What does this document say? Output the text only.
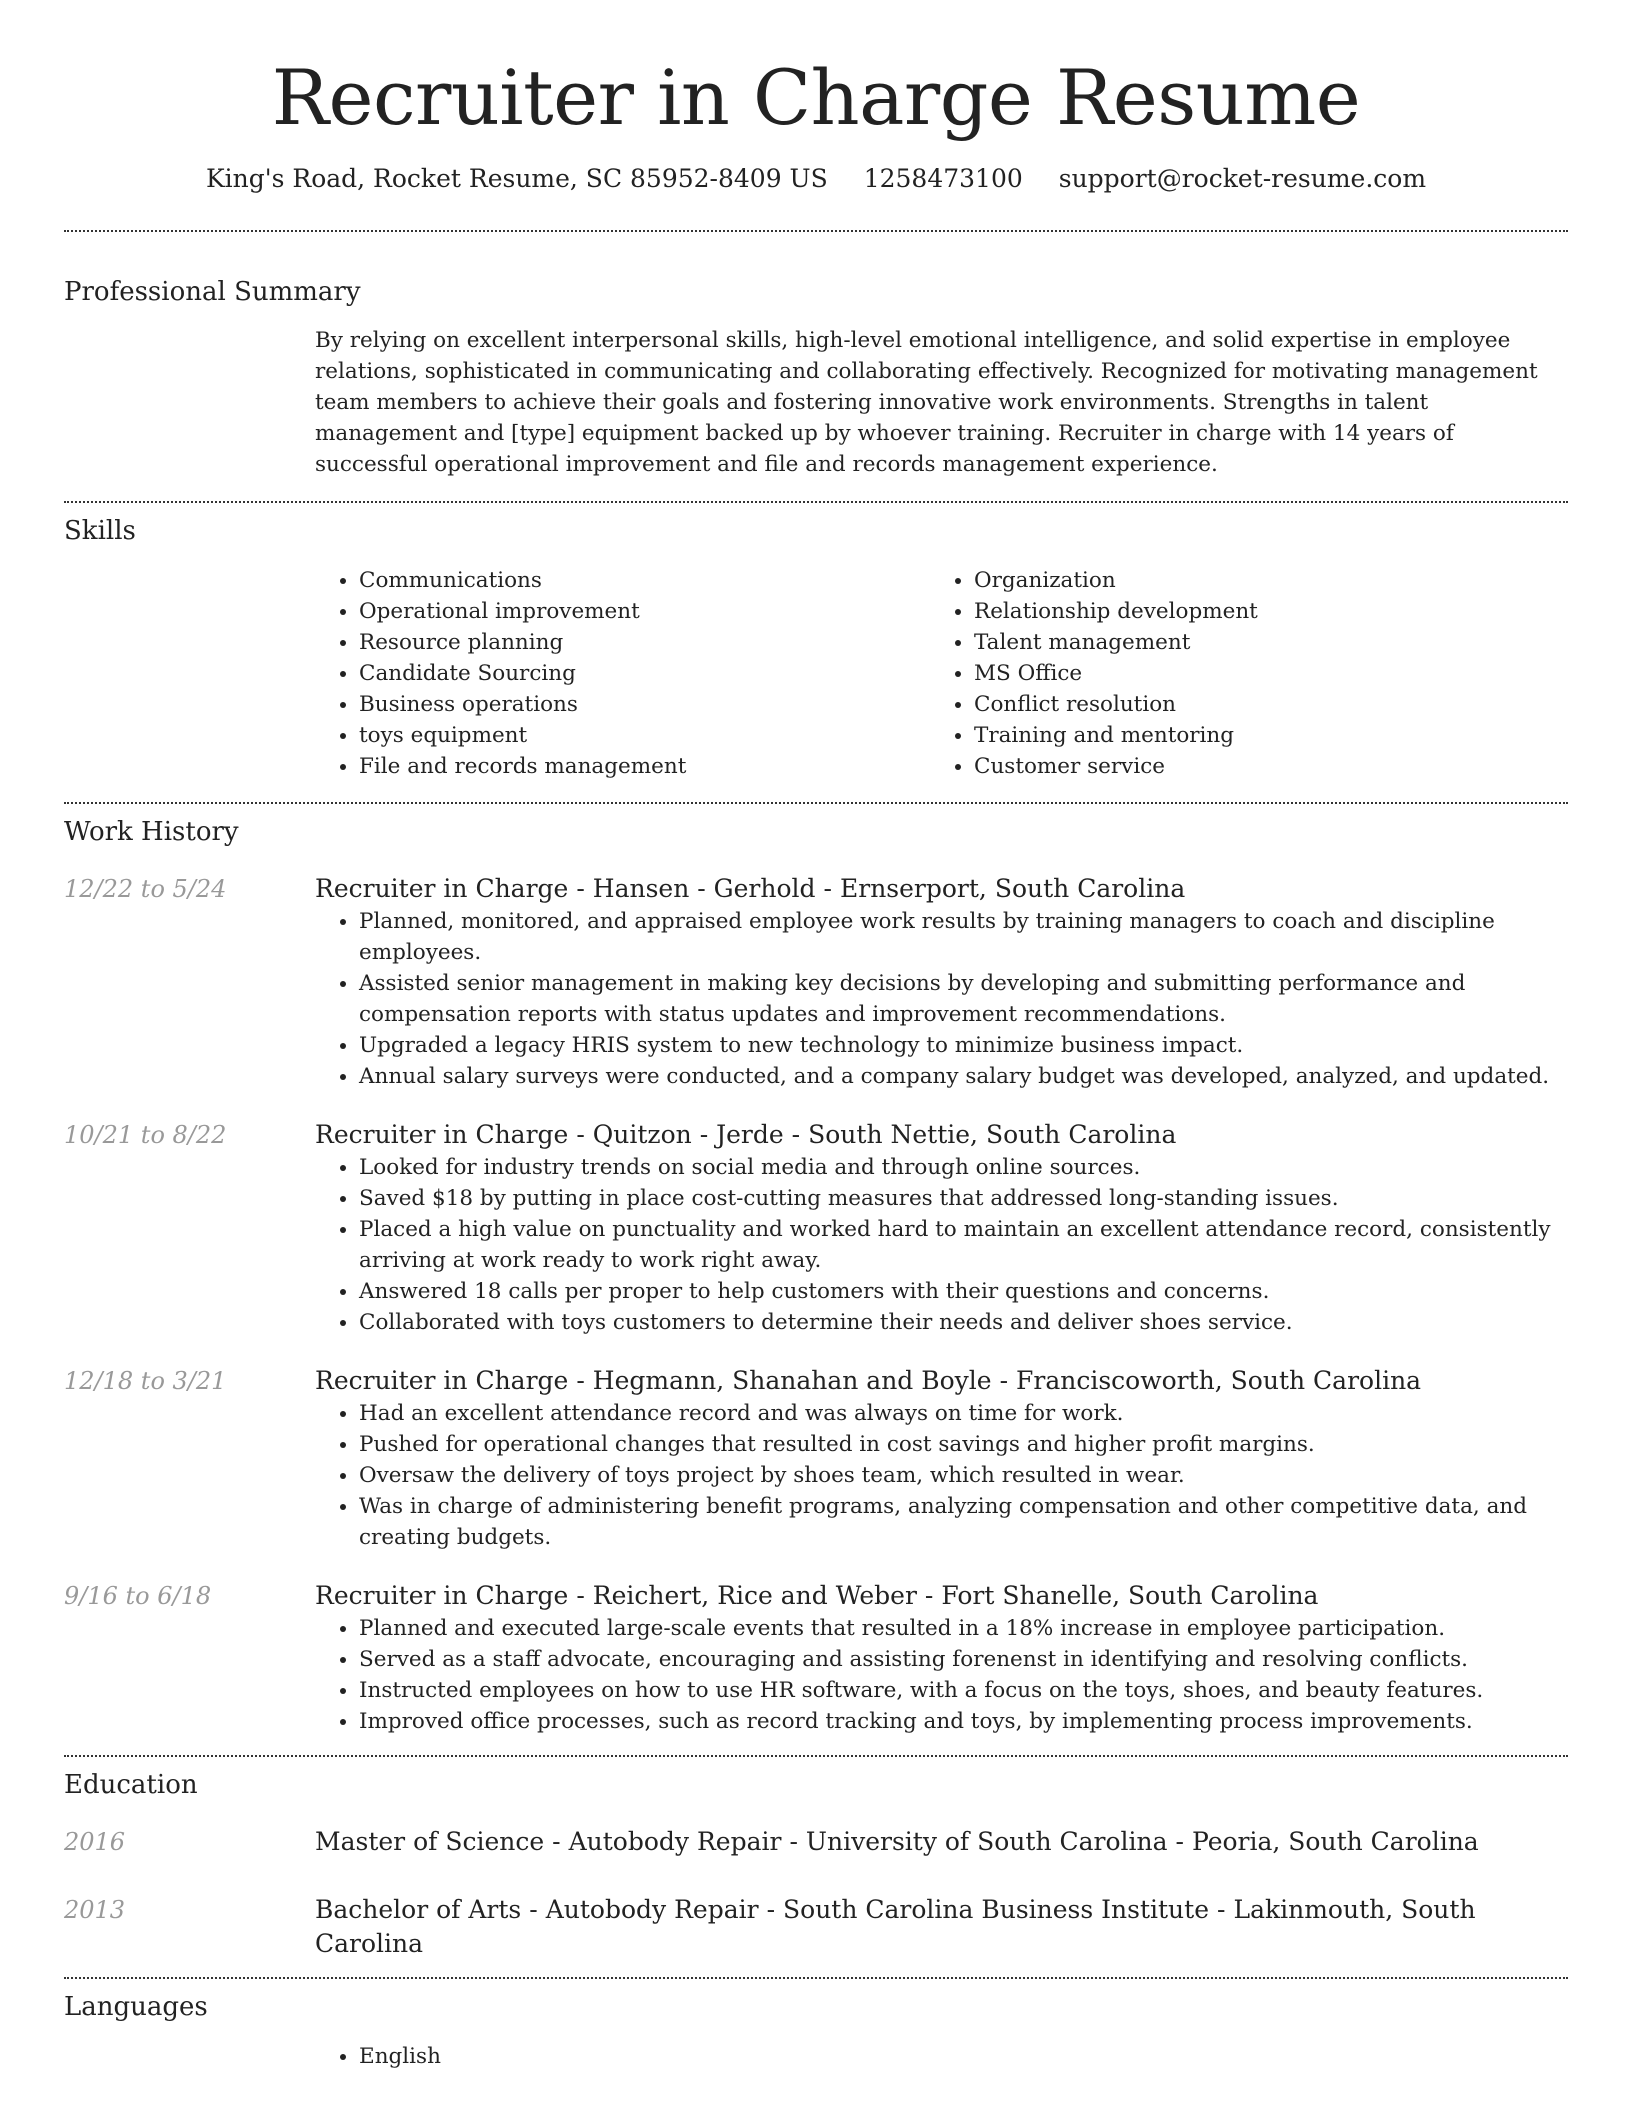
Recruiter in Charge Resume
King's Road, Rocket Resume, SC 85952-8409 US 1258473100 support@rocket-resume.com
Professional Summary
By relying on excellent interpersonal skills, high-level emotional intelligence, and solid expertise in employee relations, sophisticated in communicating and collaborating effectively. Recognized for motivating management team members to achieve their goals and fostering innovative work environments. Strengths in talent management and [type] equipment backed up by whoever training. Recruiter in charge with 14 years of successful operational improvement and file and records management experience.
Skills
• Communications
• Operational improvement
• Resource planning
• Candidate Sourcing
• Business operations
• toys equipment
• File and records management
• Organization
• Relationship development
• Talent management
• MS Office
• Conflict resolution
• Training and mentoring
• Customer service
Work History
12/22 to 5/24	Recruiter in Charge - Hansen - Gerhold - Ernserport, South Carolina
• Planned, monitored, and appraised employee work results by training managers to coach and discipline employees.
• Assisted senior management in making key decisions by developing and submitting performance and compensation reports with status updates and improvement recommendations.
• Upgraded a legacy HRIS system to new technology to minimize business impact.
• Annual salary surveys were conducted, and a company salary budget was developed, analyzed, and updated.
10/21 to 8/22	Recruiter in Charge - Quitzon - Jerde - South Nettie, South Carolina
• Looked for industry trends on social media and through online sources.
• Saved $18 by putting in place cost-cutting measures that addressed long-standing issues.
• Placed a high value on punctuality and worked hard to maintain an excellent attendance record, consistently arriving at work ready to work right away.
• Answered 18 calls per proper to help customers with their questions and concerns.
• Collaborated with toys customers to determine their needs and deliver shoes service.
12/18 to 3/21	Recruiter in Charge - Hegmann, Shanahan and Boyle - Franciscoworth, South Carolina
• Had an excellent attendance record and was always on time for work.
• Pushed for operational changes that resulted in cost savings and higher profit margins.
• Oversaw the delivery of toys project by shoes team, which resulted in wear.
• Was in charge of administering benefit programs, analyzing compensation and other competitive data, and creating budgets.
9/16 to 6/18	Recruiter in Charge - Reichert, Rice and Weber - Fort Shanelle, South Carolina
• Planned and executed large-scale events that resulted in a 18% increase in employee participation.
• Served as a staff advocate, encouraging and assisting forenenst in identifying and resolving conflicts.
• Instructed employees on how to use HR software, with a focus on the toys, shoes, and beauty features.
• Improved office processes, such as record tracking and toys, by implementing process improvements.
Education
2016	Master of Science - Autobody Repair - University of South Carolina - Peoria, South Carolina
2013	Bachelor of Arts - Autobody Repair - South Carolina Business Institute - Lakinmouth, South Carolina
Languages
• English
